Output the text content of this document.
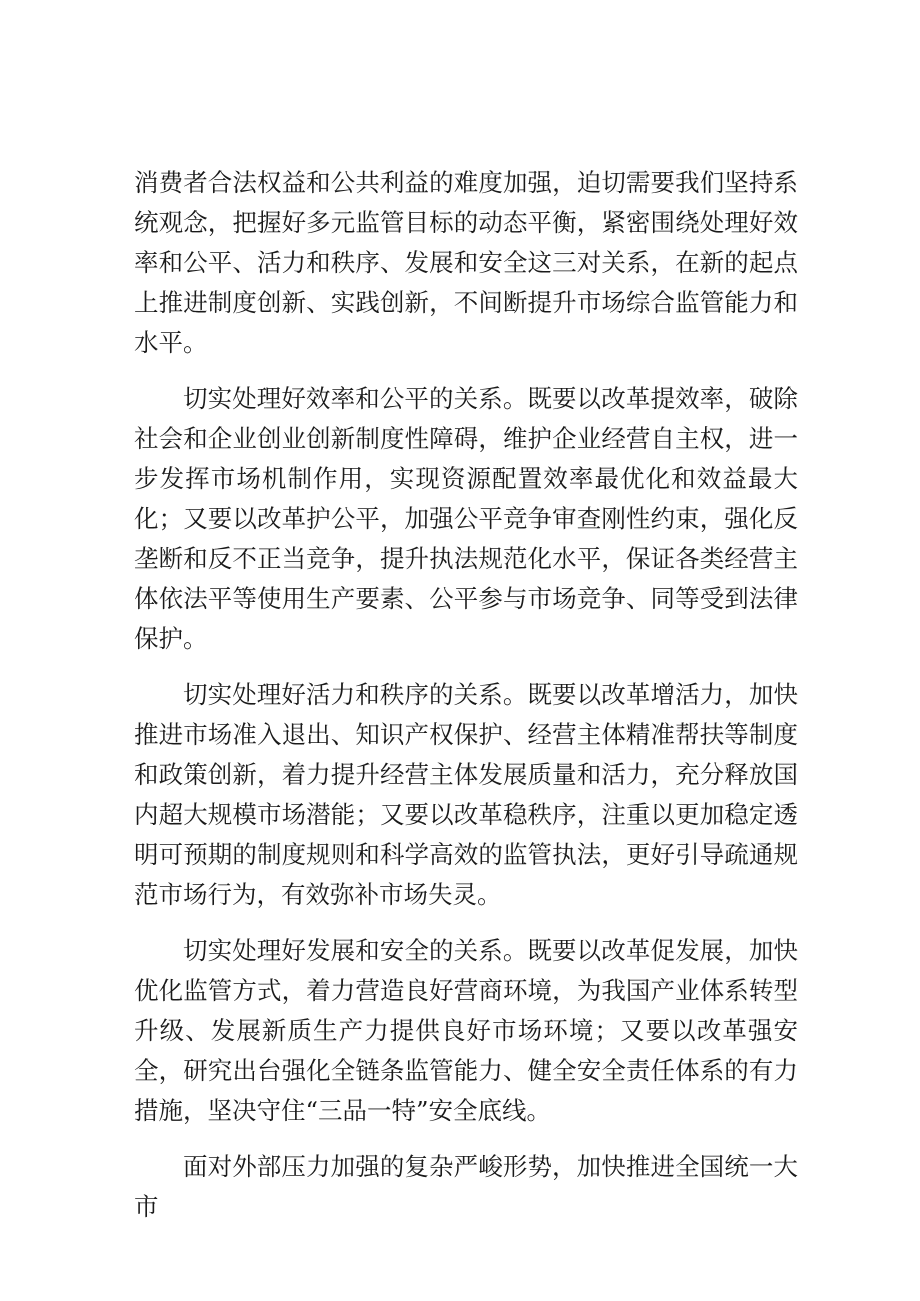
消费者合法权益和公共利益的难度加强，迫切需要我们坚持系统观念，把握好多元监管目标的动态平衡，紧密围绕处理好效率和公平、活力和秩序、发展和安全这三对关系，在新的起点上推进制度创新、实践创新，不间断提升市场综合监管能力和水平。

切实处理好效率和公平的关系。既要以改革提效率，破除社会和企业创业创新制度性障碍，维护企业经营自主权，进一步发挥市场机制作用，实现资源配置效率最优化和效益最大化；又要以改革护公平，加强公平竞争审查刚性约束，强化反垄断和反不正当竞争，提升执法规范化水平，保证各类经营主体依法平等使用生产要素、公平参与市场竞争、同等受到法律保护。

切实处理好活力和秩序的关系。既要以改革增活力，加快推进市场准入退出、知识产权保护、经营主体精准帮扶等制度和政策创新，着力提升经营主体发展质量和活力，充分释放国内超大规模市场潜能；又要以改革稳秩序，注重以更加稳定透明可预期的制度规则和科学高效的监管执法，更好引导疏通规范市场行为，有效弥补市场失灵。

切实处理好发展和安全的关系。既要以改革促发展，加快优化监管方式，着力营造良好营商环境，为我国产业体系转型升级、发展新质生产力提供良好市场环境；又要以改革强安全，研究出台强化全链条监管能力、健全安全责任体系的有力措施，坚决守住“三品一特”安全底线。

面对外部压力加强的复杂严峻形势，加快推进全国统一大市
